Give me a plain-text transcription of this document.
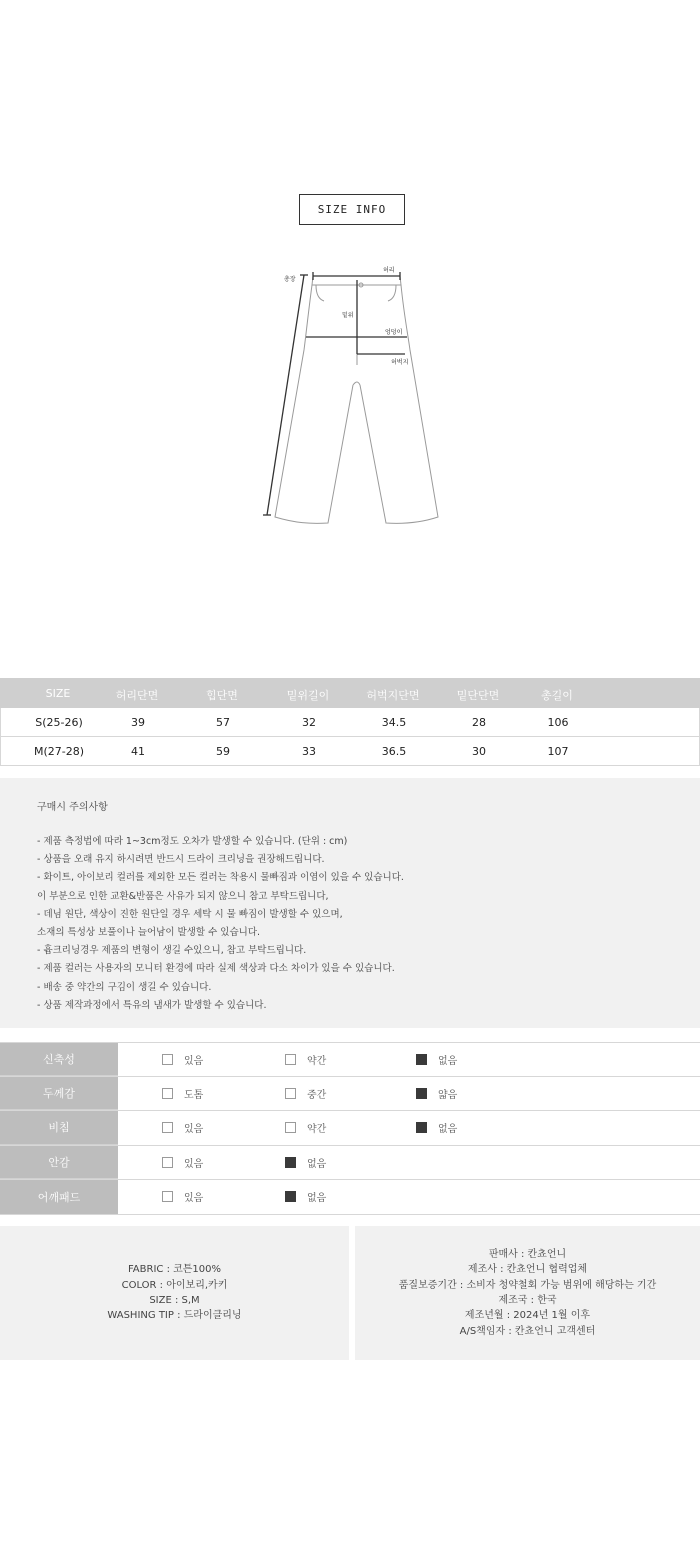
SIZE INFO
총장
허리
밑위
엉덩이
허벅지
SIZE	허리단면	힙단면	밑위길이	허벅지단면	밑단단면	총길이
S(25-26)	39	57	32	34.5	28	106
M(27-28)	41	59	33	36.5	30	107
구매시 주의사항
- 제품 측정법에 따라 1~3cm정도 오차가 발생할 수 있습니다. (단위 : cm)
- 상품을 오래 유지 하시려면 반드시 드라이 크리닝을 권장해드립니다.
- 화이트, 아이보리 컬러를 제외한 모든 컬러는 착용시 물빠짐과 이염이 있을 수 있습니다.
이 부분으로 인한 교환&반품은 사유가 되지 않으니 참고 부탁드립니다,
- 데님 원단, 색상이 진한 원단일 경우 세탁 시 물 빠짐이 발생할 수 있으며,
소재의 특성상 보풀이나 늘어남이 발생할 수 있습니다.
- 흄크리닝경우 제품의 변형이 생길 수있으니, 참고 부탁드립니다.
- 제품 컬러는 사용자의 모니터 환경에 따라 실제 색상과 다소 차이가 있을 수 있습니다.
- 배송 중 약간의 구김이 생길 수 있습니다.
- 상품 제작과정에서 특유의 냄새가 발생할 수 있습니다.
신축성	있음	약간	없음
두께감	도톰	중간	얇음
비침	있음	약간	없음
안감	있음	없음
어깨패드	있음	없음
FABRIC : 코튼100%
COLOR : 아이보리,카키
SIZE : S,M
WASHING TIP : 드라이클리닝
판매사 : 칸쵸언니
제조사 : 칸쵸언니 협력업체
품질보증기간 : 소비자 청약철회 가능 범위에 해당하는 기간
제조국 : 한국
제조년월 : 2024년 1월 이후
A/S책임자 : 칸쵸언니 고객센터
